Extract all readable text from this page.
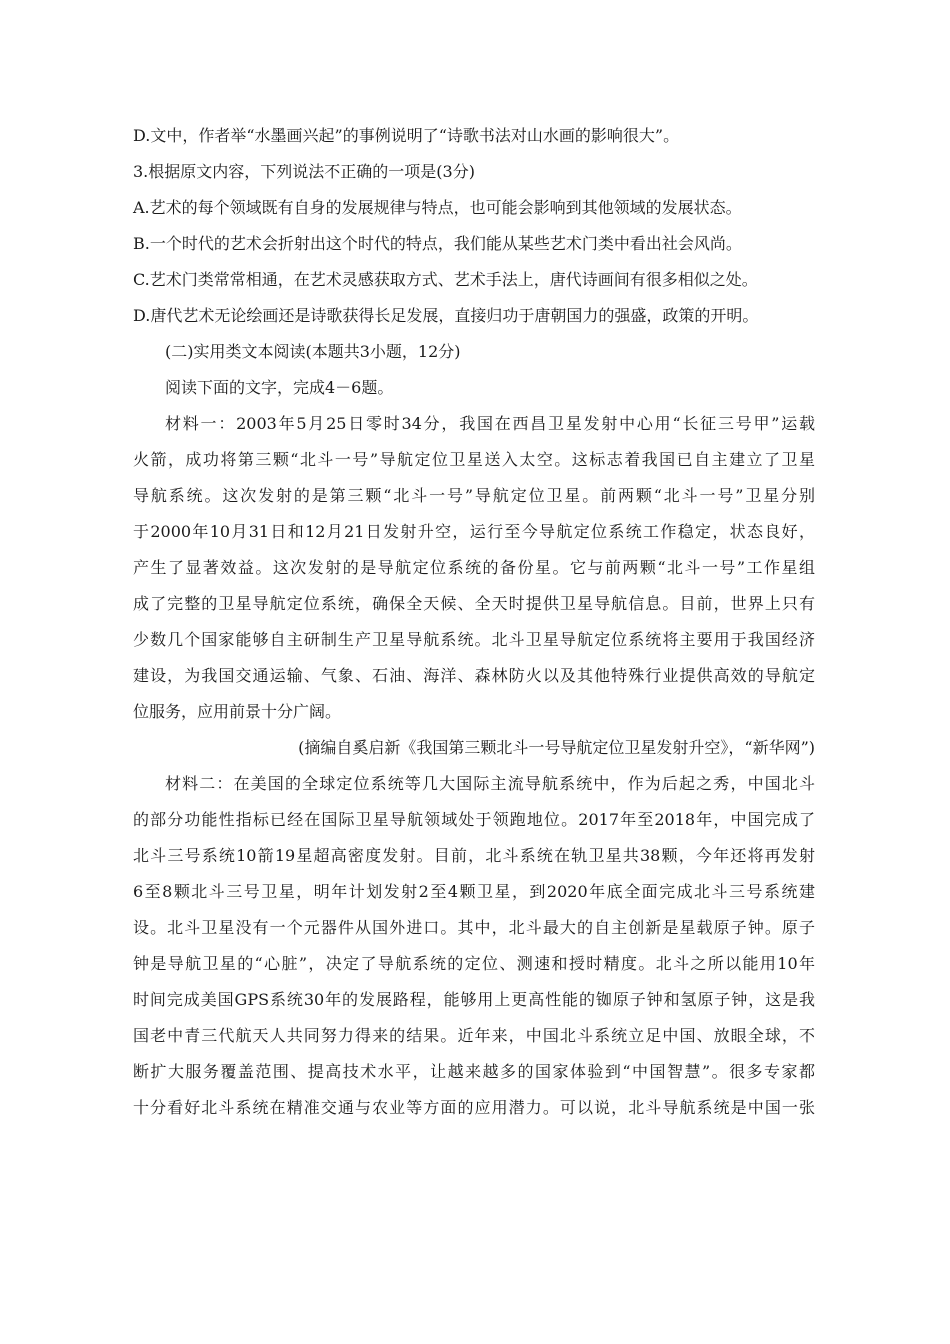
D.文中，作者举“水墨画兴起”的事例说明了“诗歌书法对山水画的影响很大”。
3.根据原文内容，下列说法不正确的一项是(3分)
A.艺术的每个领域既有自身的发展规律与特点，也可能会影响到其他领域的发展状态。
B.一个时代的艺术会折射出这个时代的特点，我们能从某些艺术门类中看出社会风尚。
C.艺术门类常常相通，在艺术灵感获取方式、艺术手法上，唐代诗画间有很多相似之处。
D.唐代艺术无论绘画还是诗歌获得长足发展，直接归功于唐朝国力的强盛，政策的开明。
(二)实用类文本阅读(本题共3小题，12分)
阅读下面的文字，完成4－6题。
材料一：2003年5月25日零时34分，我国在西昌卫星发射中心用“长征三号甲”运载
火箭，成功将第三颗“北斗一号”导航定位卫星送入太空。这标志着我国已自主建立了卫星
导航系统。这次发射的是第三颗“北斗一号”导航定位卫星。前两颗“北斗一号”卫星分别
于2000年10月31日和12月21日发射升空，运行至今导航定位系统工作稳定，状态良好，
产生了显著效益。这次发射的是导航定位系统的备份星。它与前两颗“北斗一号”工作星组
成了完整的卫星导航定位系统，确保全天候、全天时提供卫星导航信息。目前，世界上只有
少数几个国家能够自主研制生产卫星导航系统。北斗卫星导航定位系统将主要用于我国经济
建设，为我国交通运输、气象、石油、海洋、森林防火以及其他特殊行业提供高效的导航定
位服务，应用前景十分广阔。
(摘编自奚启新《我国第三颗北斗一号导航定位卫星发射升空》，“新华网”)
材料二：在美国的全球定位系统等几大国际主流导航系统中，作为后起之秀，中国北斗
的部分功能性指标已经在国际卫星导航领域处于领跑地位。2017年至2018年，中国完成了
北斗三号系统10箭19星超高密度发射。目前，北斗系统在轨卫星共38颗，今年还将再发射
6至8颗北斗三号卫星，明年计划发射2至4颗卫星，到2020年底全面完成北斗三号系统建
设。北斗卫星没有一个元器件从国外进口。其中，北斗最大的自主创新是星载原子钟。原子
钟是导航卫星的“心脏”，决定了导航系统的定位、测速和授时精度。北斗之所以能用10年
时间完成美国GPS系统30年的发展路程，能够用上更高性能的铷原子钟和氢原子钟，这是我
国老中青三代航天人共同努力得来的结果。近年来，中国北斗系统立足中国、放眼全球，不
断扩大服务覆盖范围、提高技术水平，让越来越多的国家体验到“中国智慧”。很多专家都
十分看好北斗系统在精准交通与农业等方面的应用潜力。可以说，北斗导航系统是中国一张
